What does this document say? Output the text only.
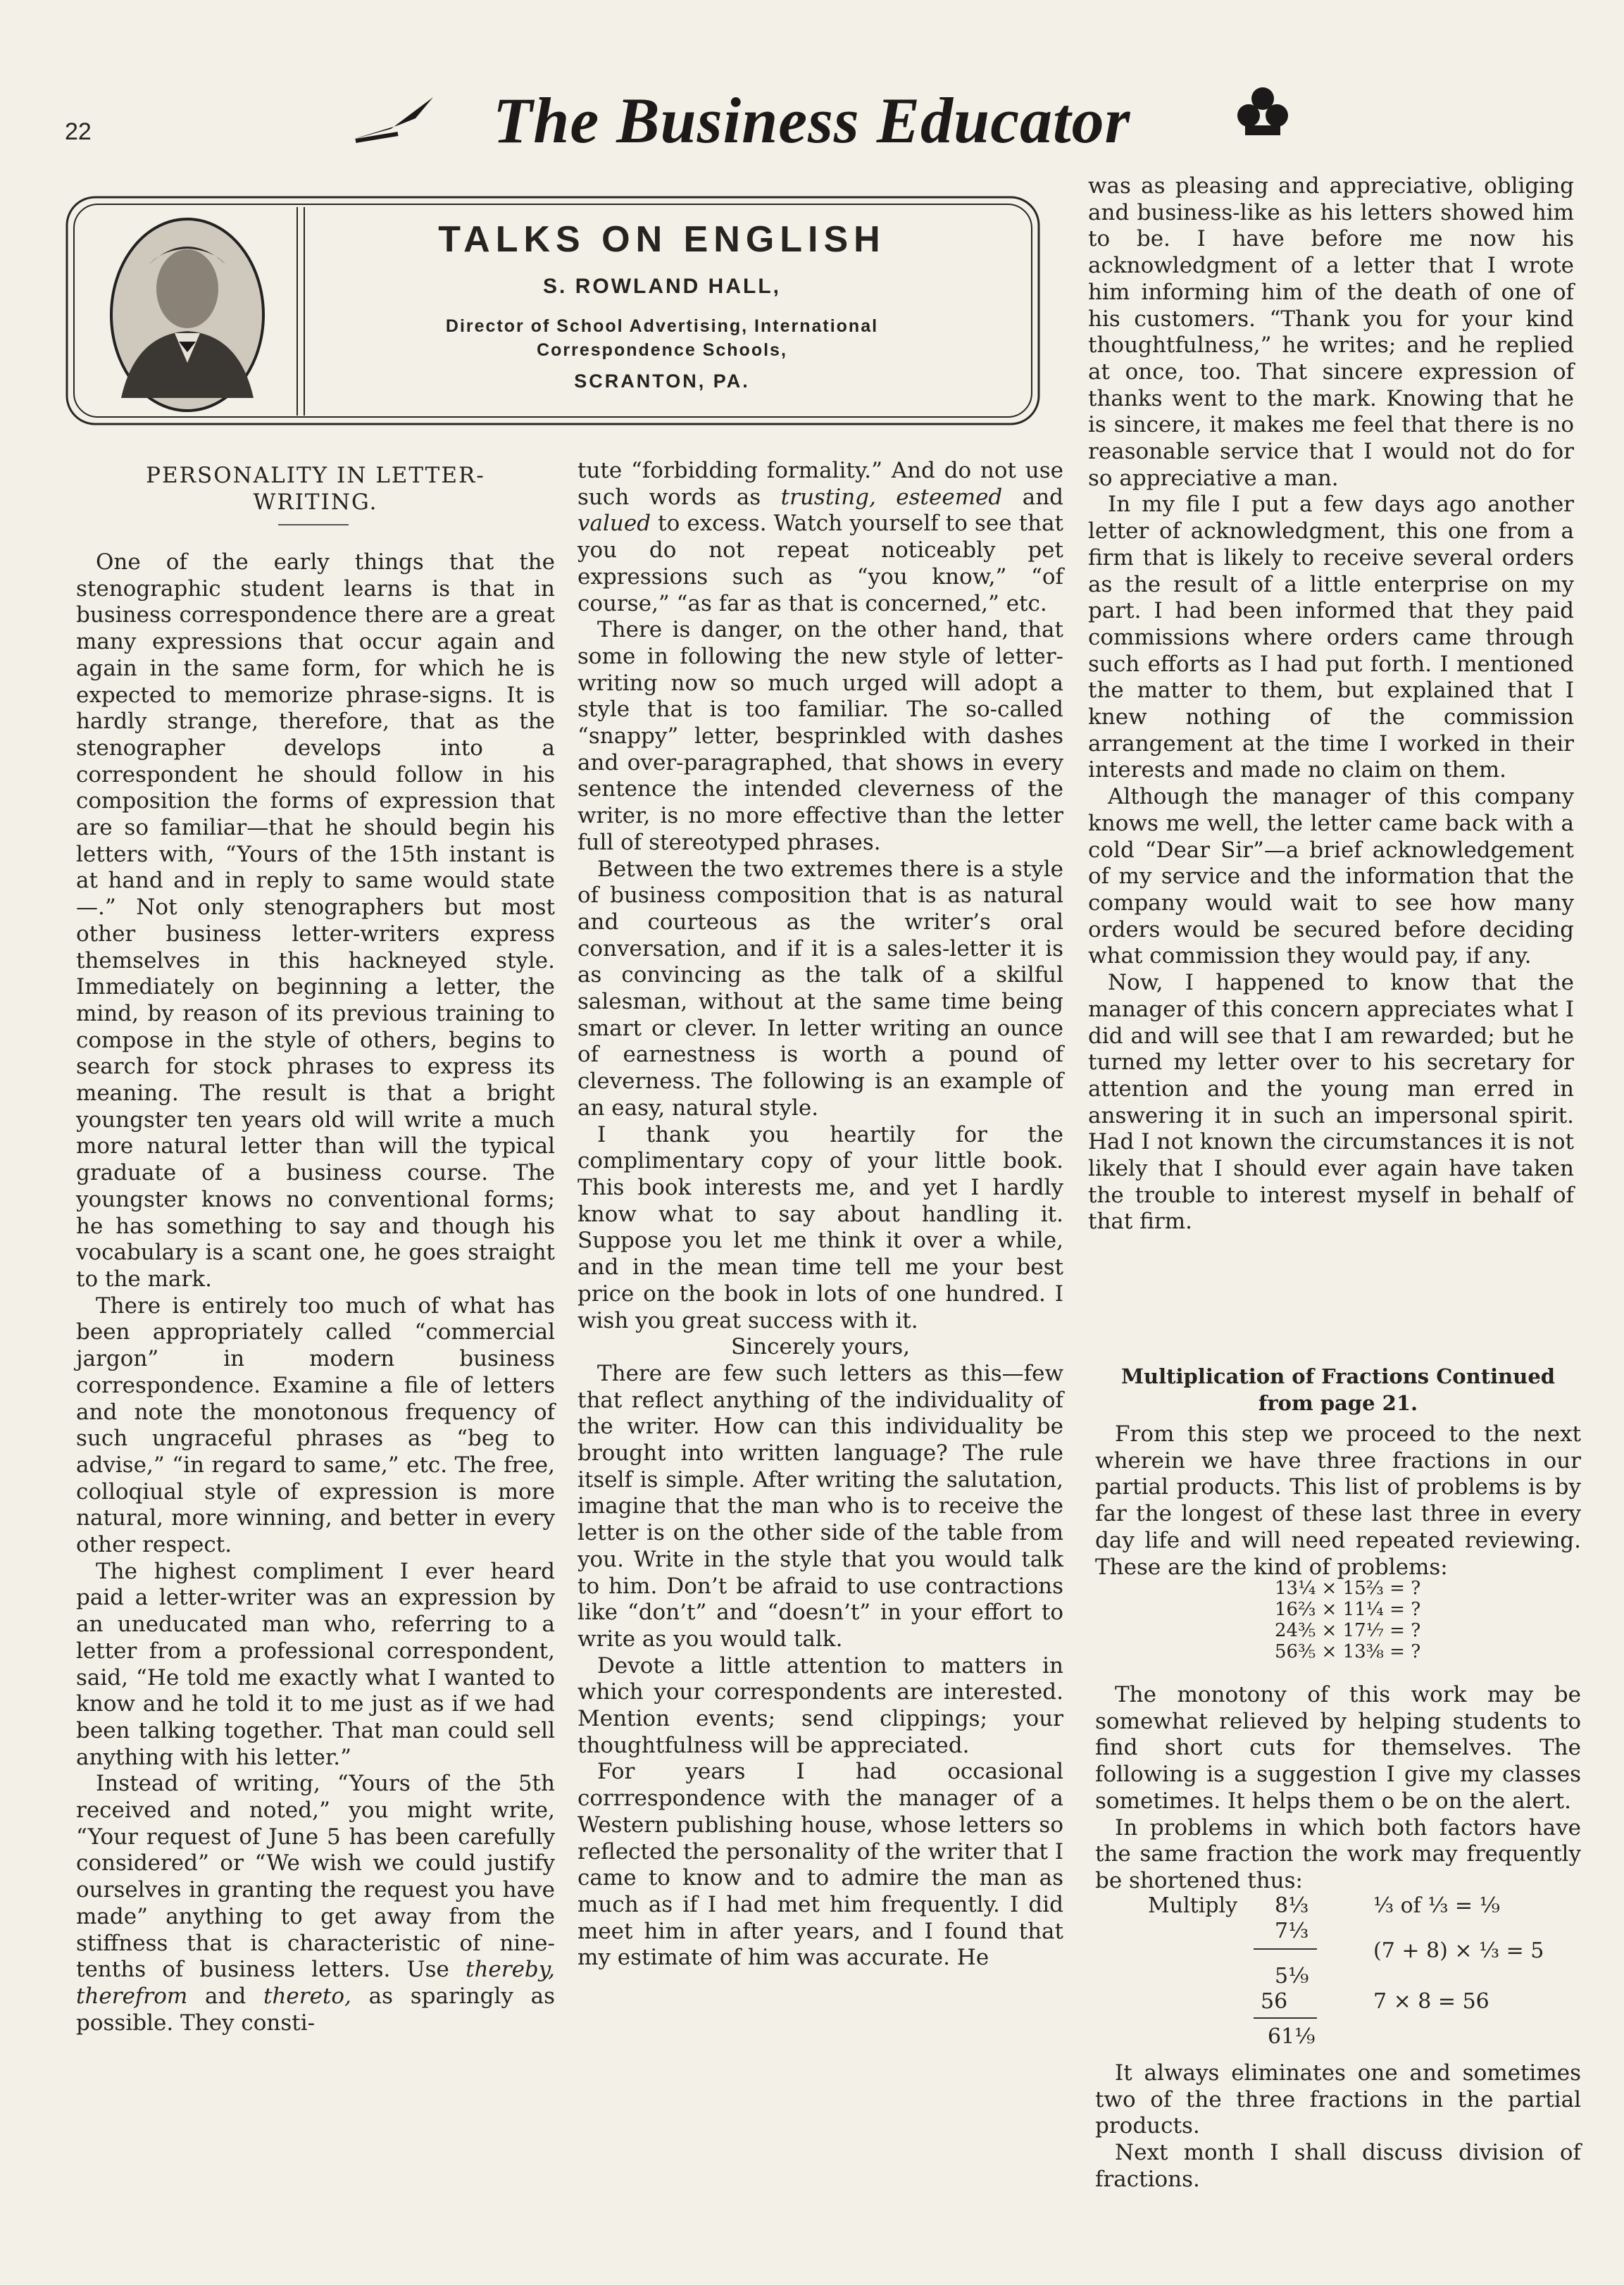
22	The Business Educator
TALKS ON ENGLISH
S. ROWLAND HALL,
Director of School Advertising, International
Correspondence Schools,
SCRANTON, PA.
PERSONALITY IN LETTER-
WRITING.

One of the early things that the stenographic student learns is that in business correspondence there are a great many expressions that occur again and again in the same form, for which he is expected to memorize phrase-signs. It is hardly strange, therefore, that as the stenographer develops into a correspondent he should follow in his composition the forms of expression that are so familiar—that he should begin his letters with, “Yours of the 15th instant is at hand and in reply to same would state—.” Not only stenographers but most other business letter-writers express themselves in this hackneyed style. Immediately on beginning a letter, the mind, by reason of its previous training to compose in the style of others, begins to search for stock phrases to express its meaning. The result is that a bright youngster ten years old will write a much more natural letter than will the typical graduate of a business course. The youngster knows no conventional forms; he has something to say and though his vocabulary is a scant one, he goes straight to the mark.

There is entirely too much of what has been appropriately called “commercial jargon” in modern business correspondence. Examine a file of letters and note the monotonous frequency of such ungraceful phrases as “beg to advise,” “in regard to same,” etc. The free, colloqiual style of expression is more natural, more winning, and better in every other respect.

The highest compliment I ever heard paid a letter-writer was an expression by an uneducated man who, referring to a letter from a professional correspondent, said, “He told me exactly what I wanted to know and he told it to me just as if we had been talking together. That man could sell anything with his letter.”

Instead of writing, “Yours of the 5th received and noted,” you might write, “Your request of June 5 has been carefully considered” or “We wish we could justify ourselves in granting the request you have made” anything to get away from the stiffness that is characteristic of nine-tenths of business letters. Use thereby, therefrom and thereto, as sparingly as possible. They consti-

tute “forbidding formality.” And do not use such words as trusting, esteemed and valued to excess. Watch yourself to see that you do not repeat noticeably pet expressions such as “you know,” “of course,” “as far as that is concerned,” etc.

There is danger, on the other hand, that some in following the new style of letter-writing now so much urged will adopt a style that is too familiar. The so-called “snappy” letter, besprinkled with dashes and over-paragraphed, that shows in every sentence the intended cleverness of the writer, is no more effective than the letter full of stereotyped phrases.

Between the two extremes there is a style of business composition that is as natural and courteous as the writer’s oral conversation, and if it is a sales-letter it is as convincing as the talk of a skilful salesman, without at the same time being smart or clever. In letter writing an ounce of earnestness is worth a pound of cleverness. The following is an example of an easy, natural style.

I thank you heartily for the complimentary copy of your little book. This book interests me, and yet I hardly know what to say about handling it. Suppose you let me think it over a while, and in the mean time tell me your best price on the book in lots of one hundred. I wish you great success with it.

Sincerely yours,

There are few such letters as this—few that reflect anything of the individuality of the writer. How can this individuality be brought into written language? The rule itself is simple. After writing the salutation, imagine that the man who is to receive the letter is on the other side of the table from you. Write in the style that you would talk to him. Don’t be afraid to use contractions like “don’t” and “doesn’t” in your effort to write as you would talk.

Devote a little attention to matters in which your correspondents are interested. Mention events; send clippings; your thoughtfulness will be appreciated.

For years I had occasional corrrespondence with the manager of a Western publishing house, whose letters so reflected the personality of the writer that I came to know and to admire the man as much as if I had met him frequently. I did meet him in after years, and I found that my estimate of him was accurate. He

was as pleasing and appreciative, obliging and business-like as his letters showed him to be. I have before me now his acknowledgment of a letter that I wrote him informing him of the death of one of his customers. “Thank you for your kind thoughtfulness,” he writes; and he replied at once, too. That sincere expression of thanks went to the mark. Knowing that he is sincere, it makes me feel that there is no reasonable service that I would not do for so appreciative a man.

In my file I put a few days ago another letter of acknowledgment, this one from a firm that is likely to receive several orders as the result of a little enterprise on my part. I had been informed that they paid commissions where orders came through such efforts as I had put forth. I mentioned the matter to them, but explained that I knew nothing of the commission arrangement at the time I worked in their interests and made no claim on them.

Although the manager of this company knows me well, the letter came back with a cold “Dear Sir”—a brief acknowledgement of my service and the information that the company would wait to see how many orders would be secured before deciding what commission they would pay, if any.

Now, I happened to know that the manager of this concern appreciates what I did and will see that I am rewarded; but he turned my letter over to his secretary for attention and the young man erred in answering it in such an impersonal spirit. Had I not known the circumstances it is not likely that I should ever again have taken the trouble to interest myself in behalf of that firm.

Multiplication of Fractions Continued
from page 21.

From this step we proceed to the next wherein we have three fractions in our partial products. This list of problems is by far the longest of these last three in every day life and will need repeated reviewing. These are the kind of problems:

13¼ × 15⅔ = ?
16⅔ × 11¼ = ?
24⅗ × 17⅐ = ?
56⅗ × 13⅜ = ?

The monotony of this work may be somewhat relieved by helping students to find short cuts for themselves. The following is a suggestion I give my classes sometimes. It helps them o be on the alert.

In problems in which both factors have the same fraction the work may frequently be shortened thus:

Multiply 8⅓	⅓ of ⅓ = ⅑
7⅓
(7 + 8) × ⅓ = 5
5⅑
56	7 × 8 = 56
61⅑

It always eliminates one and sometimes two of the three fractions in the partial products.

Next month I shall discuss division of fractions.
